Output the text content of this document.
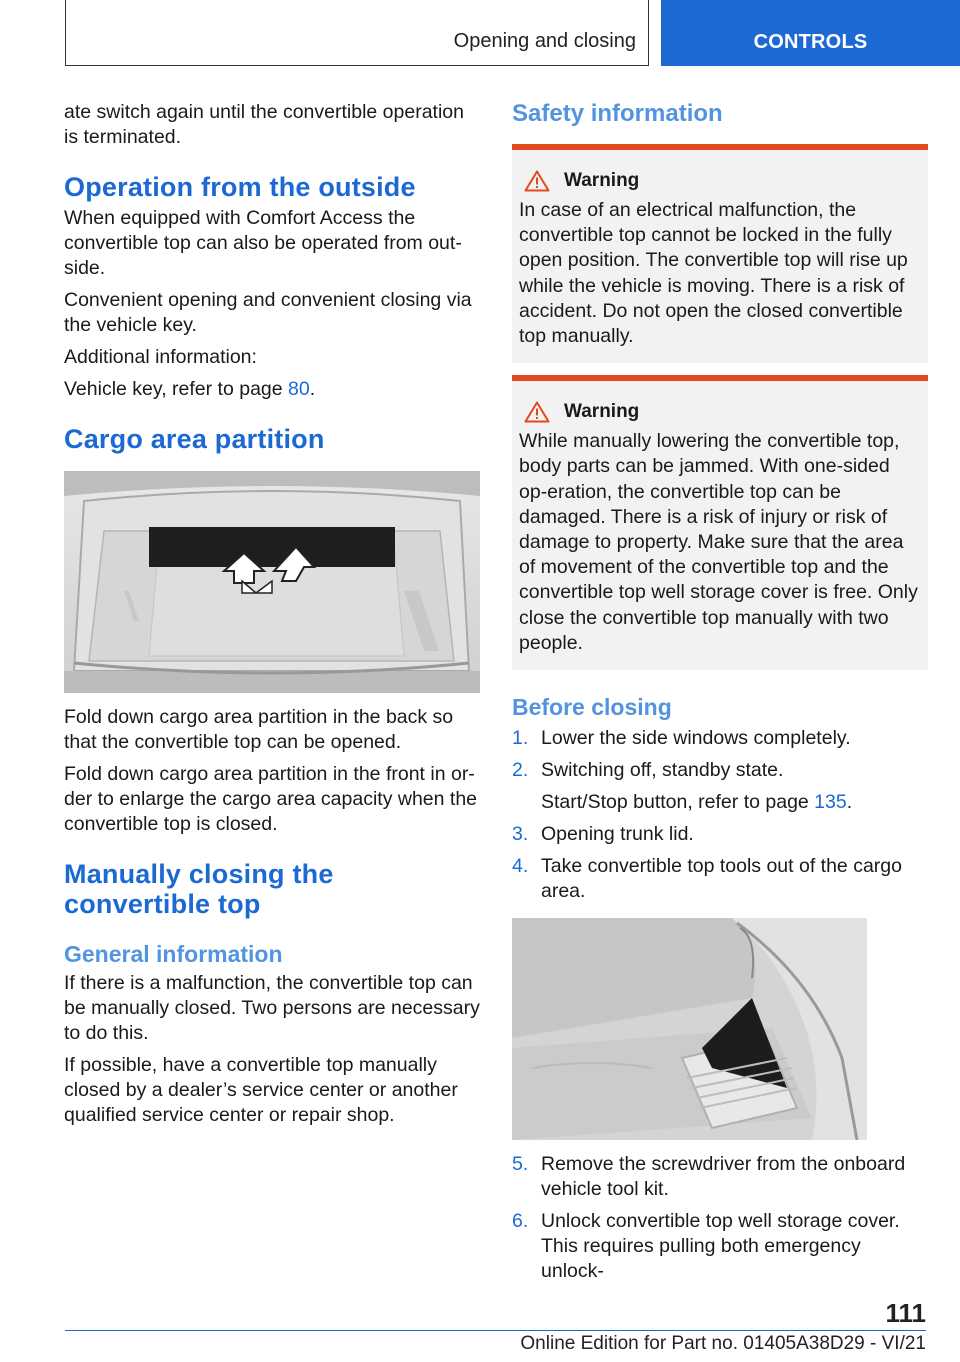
Opening and closing	CONTROLS

ate switch again until the convertible operation is terminated.

Operation from the outside

When equipped with Comfort Access the convertible top can also be operated from out-side.

Convenient opening and convenient closing via the vehicle key.

Additional information:

Vehicle key, refer to page 80.

Cargo area partition

Fold down cargo area partition in the back so that the convertible top can be opened.

Fold down cargo area partition in the front in or-der to enlarge the cargo area capacity when the convertible top is closed.

Manually closing the convertible top
General information

If there is a malfunction, the convertible top can be manually closed. Two persons are necessary to do this.

If possible, have a convertible top manually closed by a dealer’s service center or another qualified service center or repair shop.

Safety information
Warning
In case of an electrical malfunction, the convertible top cannot be locked in the fully open position. The convertible top will rise up while the vehicle is moving. There is a risk of accident. Do not open the closed convertible top manually.
Warning
While manually lowering the convertible top, body parts can be jammed. With one-sided op-eration, the convertible top can be damaged. There is a risk of injury or risk of damage to property. Make sure that the area of movement of the convertible top and the convertible top well storage cover is free. Only close the convertible top manually with two people.
Before closing
1. Lower the side windows completely.
2. Switching off, standby state.
Start/Stop button, refer to page 135.
3. Opening trunk lid.
4. Take convertible top tools out of the cargo area.
5. Remove the screwdriver from the onboard vehicle tool kit.
6. Unlock convertible top well storage cover. This requires pulling both emergency unlock-
111
Online Edition for Part no. 01405A38D29 - VI/21
